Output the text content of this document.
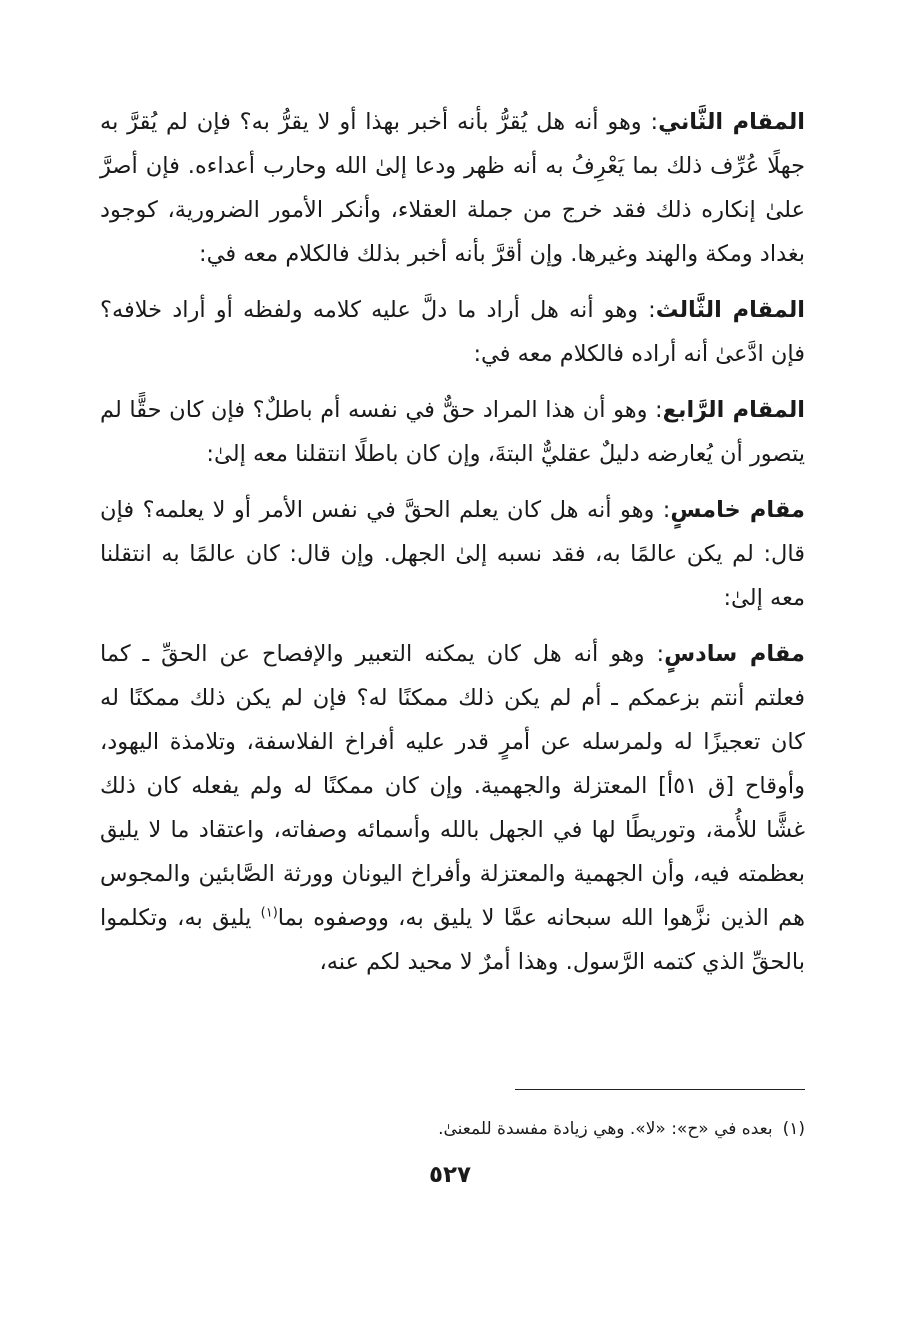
المقام الثَّاني: وهو أنه هل يُقرُّ بأنه أخبر بهذا أو لا يقرُّ به؟ فإن لم يُقرَّ به جهلًا عُرِّف ذلك بما يَعْرِفُ به أنه ظهر ودعا إلىٰ الله وحارب أعداءه. فإن أصرَّ علىٰ إنكاره ذلك فقد خرج من جملة العقلاء، وأنكر الأمور الضرورية، كوجود بغداد ومكة والهند وغيرها. وإن أقرَّ بأنه أخبر بذلك فالكلام معه في:

المقام الثَّالث: وهو أنه هل أراد ما دلَّ عليه كلامه ولفظه أو أراد خلافه؟ فإن ادَّعىٰ أنه أراده فالكلام معه في:

المقام الرَّابع: وهو أن هذا المراد حقٌّ في نفسه أم باطلٌ؟ فإن كان حقًّا لم يتصور أن يُعارضه دليلٌ عقليٌّ البتةَ، وإن كان باطلًا انتقلنا معه إلىٰ:

مقام خامسٍ: وهو أنه هل كان يعلم الحقَّ في نفس الأمر أو لا يعلمه؟ فإن قال: لم يكن عالمًا به، فقد نسبه إلىٰ الجهل. وإن قال: كان عالمًا به انتقلنا معه إلىٰ:

مقام سادسٍ: وهو أنه هل كان يمكنه التعبير والإفصاح عن الحقِّ ـ كما فعلتم أنتم بزعمكم ـ أم لم يكن ذلك ممكنًا له؟ فإن لم يكن ذلك ممكنًا له كان تعجيزًا له ولمرسله عن أمرٍ قدر عليه أفراخ الفلاسفة، وتلامذة اليهود، وأوقاح [ق ٥١أ] المعتزلة والجهمية. وإن كان ممكنًا له ولم يفعله كان ذلك غشًّا للأُمة، وتوريطًا لها في الجهل بالله وأسمائه وصفاته، واعتقاد ما لا يليق بعظمته فيه، وأن الجهمية والمعتزلة وأفراخ اليونان وورثة الصَّابئين والمجوس هم الذين نزَّهوا الله سبحانه عمَّا لا يليق به، ووصفوه بما$^{(١)}$ يليق به، وتكلموا بالحقِّ الذي كتمه الرَّسول. وهذا أمرٌ لا محيد لكم عنه،

(١)بعده في «ح»: «لا». وهي زيادة مفسدة للمعنىٰ.
٥٢٧
